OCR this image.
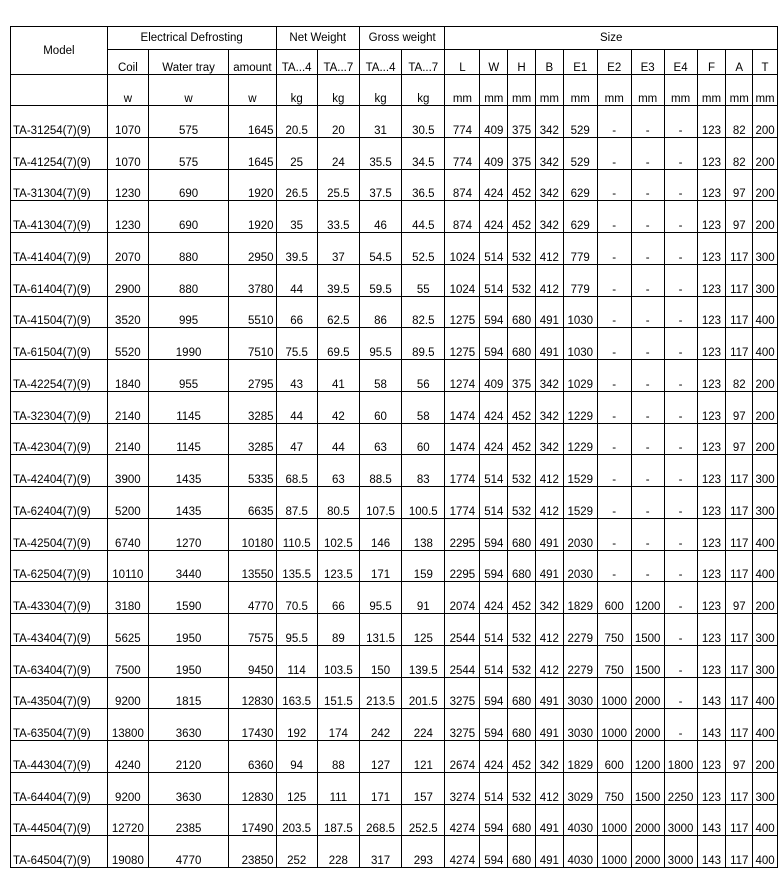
Model	Electrical Defrosting			Net Weight		Gross weight		Size										
	Coil	Water tray	amount	TA...4	TA...7	TA...4	TA...7	L	W	H	B	E1	E2	E3	E4	F	A	T
	w	w	w	kg	kg	kg	kg	mm	mm	mm	mm	mm	mm	mm	mm	mm	mm	mm
TA-31254(7)(9)	1070	575	1645	20.5	20	31	30.5	774	409	375	342	529	-	-	-	123	82	200
TA-41254(7)(9)	1070	575	1645	25	24	35.5	34.5	774	409	375	342	529	-	-	-	123	82	200
TA-31304(7)(9)	1230	690	1920	26.5	25.5	37.5	36.5	874	424	452	342	629	-	-	-	123	97	200
TA-41304(7)(9)	1230	690	1920	35	33.5	46	44.5	874	424	452	342	629	-	-	-	123	97	200
TA-41404(7)(9)	2070	880	2950	39.5	37	54.5	52.5	1024	514	532	412	779	-	-	-	123	117	300
TA-61404(7)(9)	2900	880	3780	44	39.5	59.5	55	1024	514	532	412	779	-	-	-	123	117	300
TA-41504(7)(9)	3520	995	5510	66	62.5	86	82.5	1275	594	680	491	1030	-	-	-	123	117	400
TA-61504(7)(9)	5520	1990	7510	75.5	69.5	95.5	89.5	1275	594	680	491	1030	-	-	-	123	117	400
TA-42254(7)(9)	1840	955	2795	43	41	58	56	1274	409	375	342	1029	-	-	-	123	82	200
TA-32304(7)(9)	2140	1145	3285	44	42	60	58	1474	424	452	342	1229	-	-	-	123	97	200
TA-42304(7)(9)	2140	1145	3285	47	44	63	60	1474	424	452	342	1229	-	-	-	123	97	200
TA-42404(7)(9)	3900	1435	5335	68.5	63	88.5	83	1774	514	532	412	1529	-	-	-	123	117	300
TA-62404(7)(9)	5200	1435	6635	87.5	80.5	107.5	100.5	1774	514	532	412	1529	-	-	-	123	117	300
TA-42504(7)(9)	6740	1270	10180	110.5	102.5	146	138	2295	594	680	491	2030	-	-	-	123	117	400
TA-62504(7)(9)	10110	3440	13550	135.5	123.5	171	159	2295	594	680	491	2030	-	-	-	123	117	400
TA-43304(7)(9)	3180	1590	4770	70.5	66	95.5	91	2074	424	452	342	1829	600	1200	-	123	97	200
TA-43404(7)(9)	5625	1950	7575	95.5	89	131.5	125	2544	514	532	412	2279	750	1500	-	123	117	300
TA-63404(7)(9)	7500	1950	9450	114	103.5	150	139.5	2544	514	532	412	2279	750	1500	-	123	117	300
TA-43504(7)(9)	9200	1815	12830	163.5	151.5	213.5	201.5	3275	594	680	491	3030	1000	2000	-	143	117	400
TA-63504(7)(9)	13800	3630	17430	192	174	242	224	3275	594	680	491	3030	1000	2000	-	143	117	400
TA-44304(7)(9)	4240	2120	6360	94	88	127	121	2674	424	452	342	1829	600	1200	1800	123	97	200
TA-64404(7)(9)	9200	3630	12830	125	111	171	157	3274	514	532	412	3029	750	1500	2250	123	117	300
TA-44504(7)(9)	12720	2385	17490	203.5	187.5	268.5	252.5	4274	594	680	491	4030	1000	2000	3000	143	117	400
TA-64504(7)(9)	19080	4770	23850	252	228	317	293	4274	594	680	491	4030	1000	2000	3000	143	117	400
